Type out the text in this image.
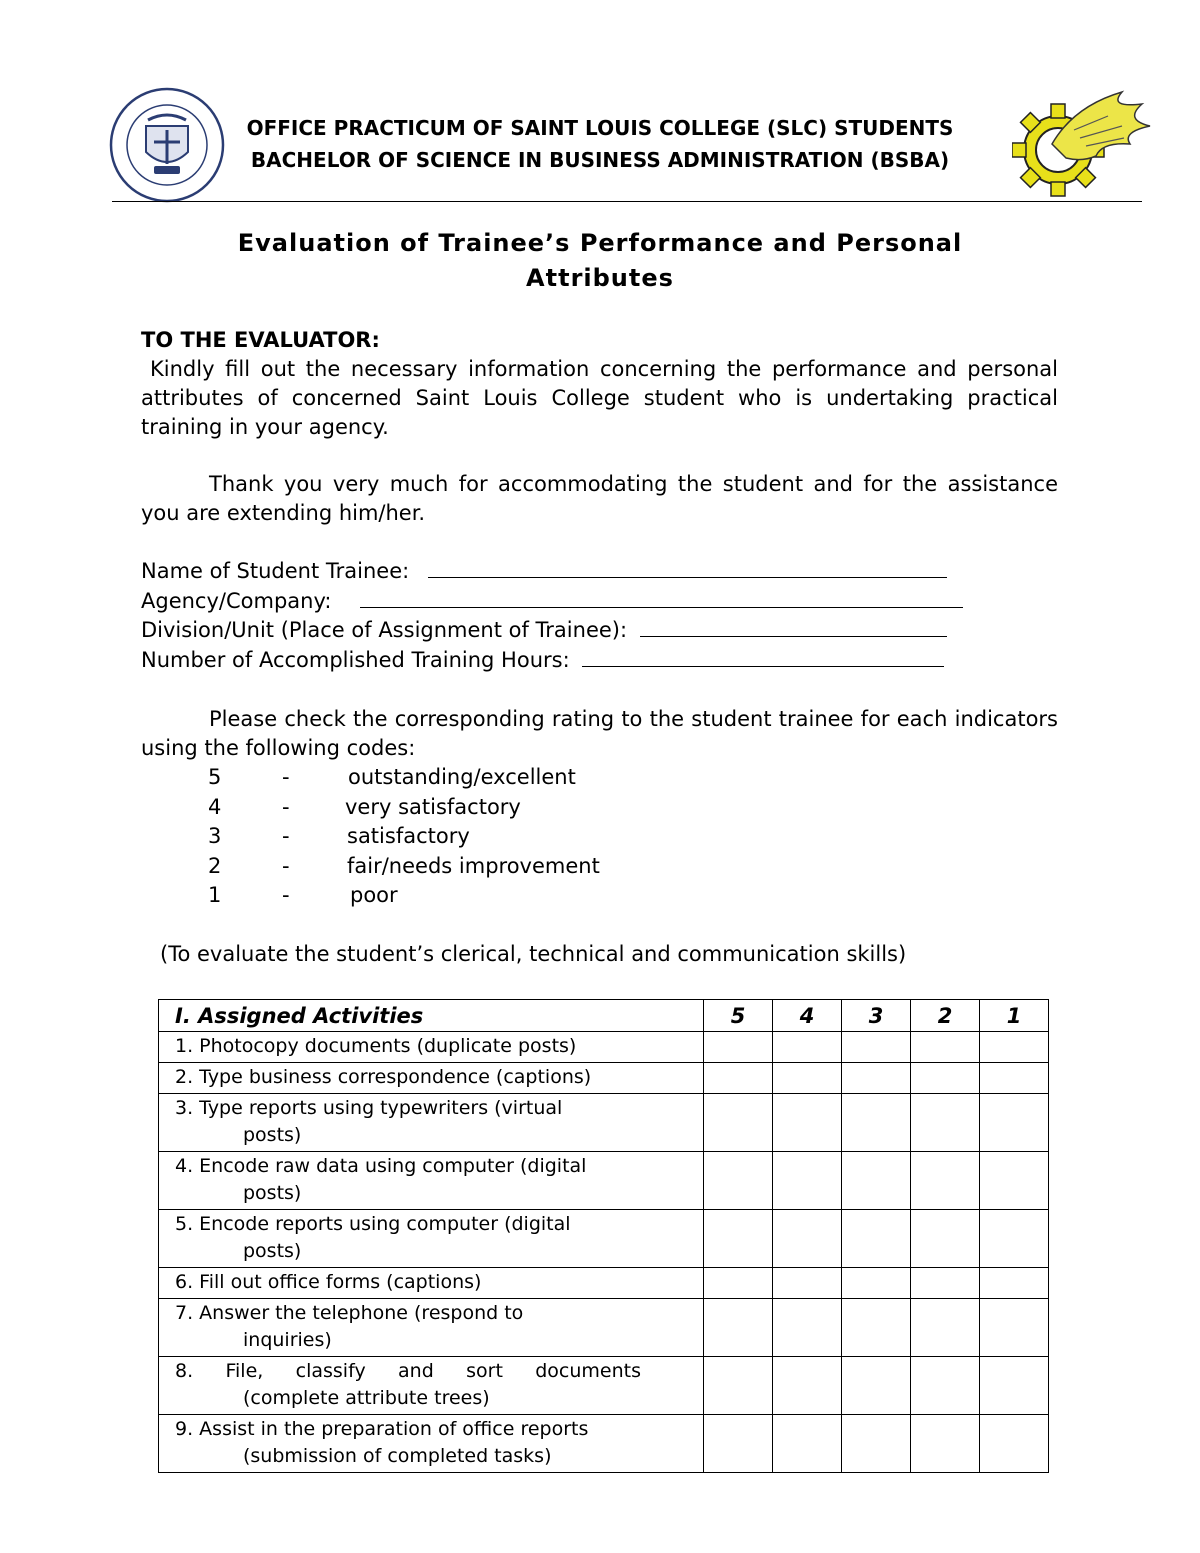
OFFICE PRACTICUM OF SAINT LOUIS COLLEGE (SLC) STUDENTS
BACHELOR OF SCIENCE IN BUSINESS ADMINISTRATION (BSBA)
Evaluation of Trainee’s Performance and Personal
Attributes
TO THE EVALUATOR:
Kindly fill out the necessary information concerning the performance and personal attributes of concerned Saint Louis College student who is undertaking practical training in your agency.
Thank you very much for accommodating the student and for the assistance you are extending him/her.
Name of Student Trainee:
Agency/Company:
Division/Unit (Place of Assignment of Trainee):
Number of Accomplished Training Hours:
Please check the corresponding rating to the student trainee for each indicators using the following codes:
5	-	outstanding/excellent
4	-	very satisfactory
3	-	satisfactory
2	-	fair/needs improvement
1	-	poor
(To evaluate the student’s clerical, technical and communication skills)
I. Assigned Activities	5	4	3	2	1
1. Photocopy documents (duplicate posts)					
2. Type business correspondence (captions)					
3. Type reports using typewriters (virtual
posts)					
4. Encode raw data using computer (digital
posts)					
5. Encode reports using computer (digital
posts)					
6. Fill out office forms (captions)					
7. Answer the telephone (respond to
inquiries)					
8. File, classify and sort documents
(complete attribute trees)					
9. Assist in the preparation of office reports
(submission of completed tasks)					
